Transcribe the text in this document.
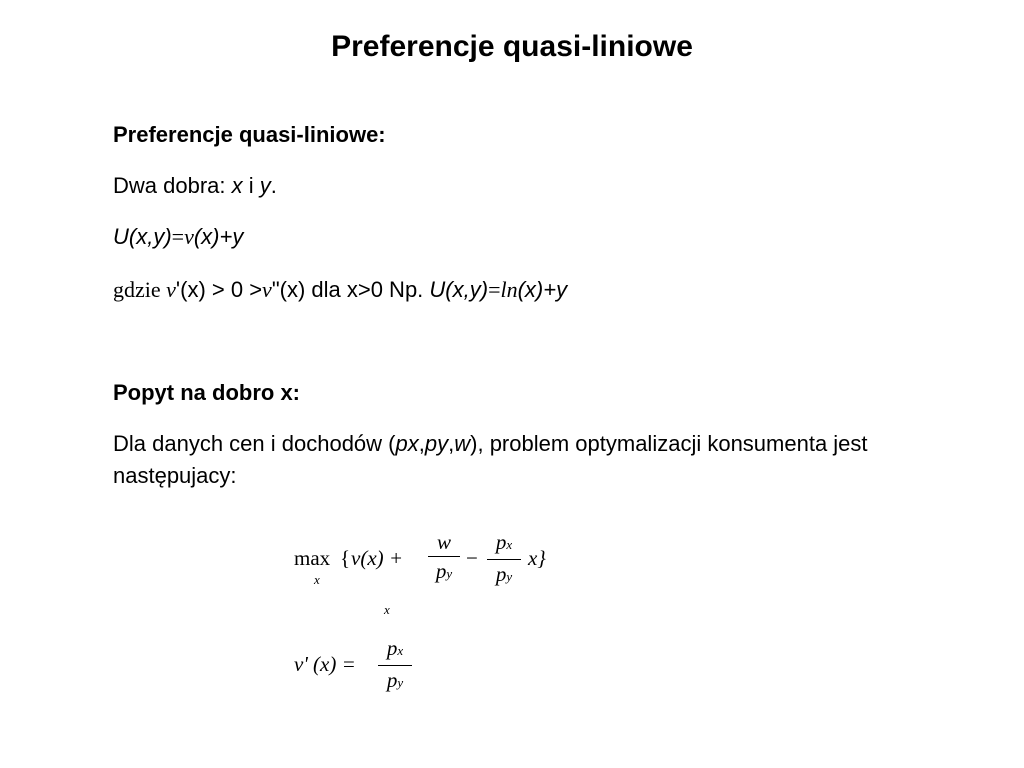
Preferencje quasi-liniowe
Preferencje quasi-liniowe:
Dwa dobra: x i y.
U(x,y)=v(x)+y
gdzie v'(x) > 0 >v"(x) dla x>0 Np. U(x,y)=ln(x)+y
Popyt na dobro x:
Dla danych cen i dochodów (px,py,w), problem optymalizacji konsumenta jest następujacy:
max
x
{ v(x) +
w
py
−
px
py
x}
x
v' (x) =
px
py
